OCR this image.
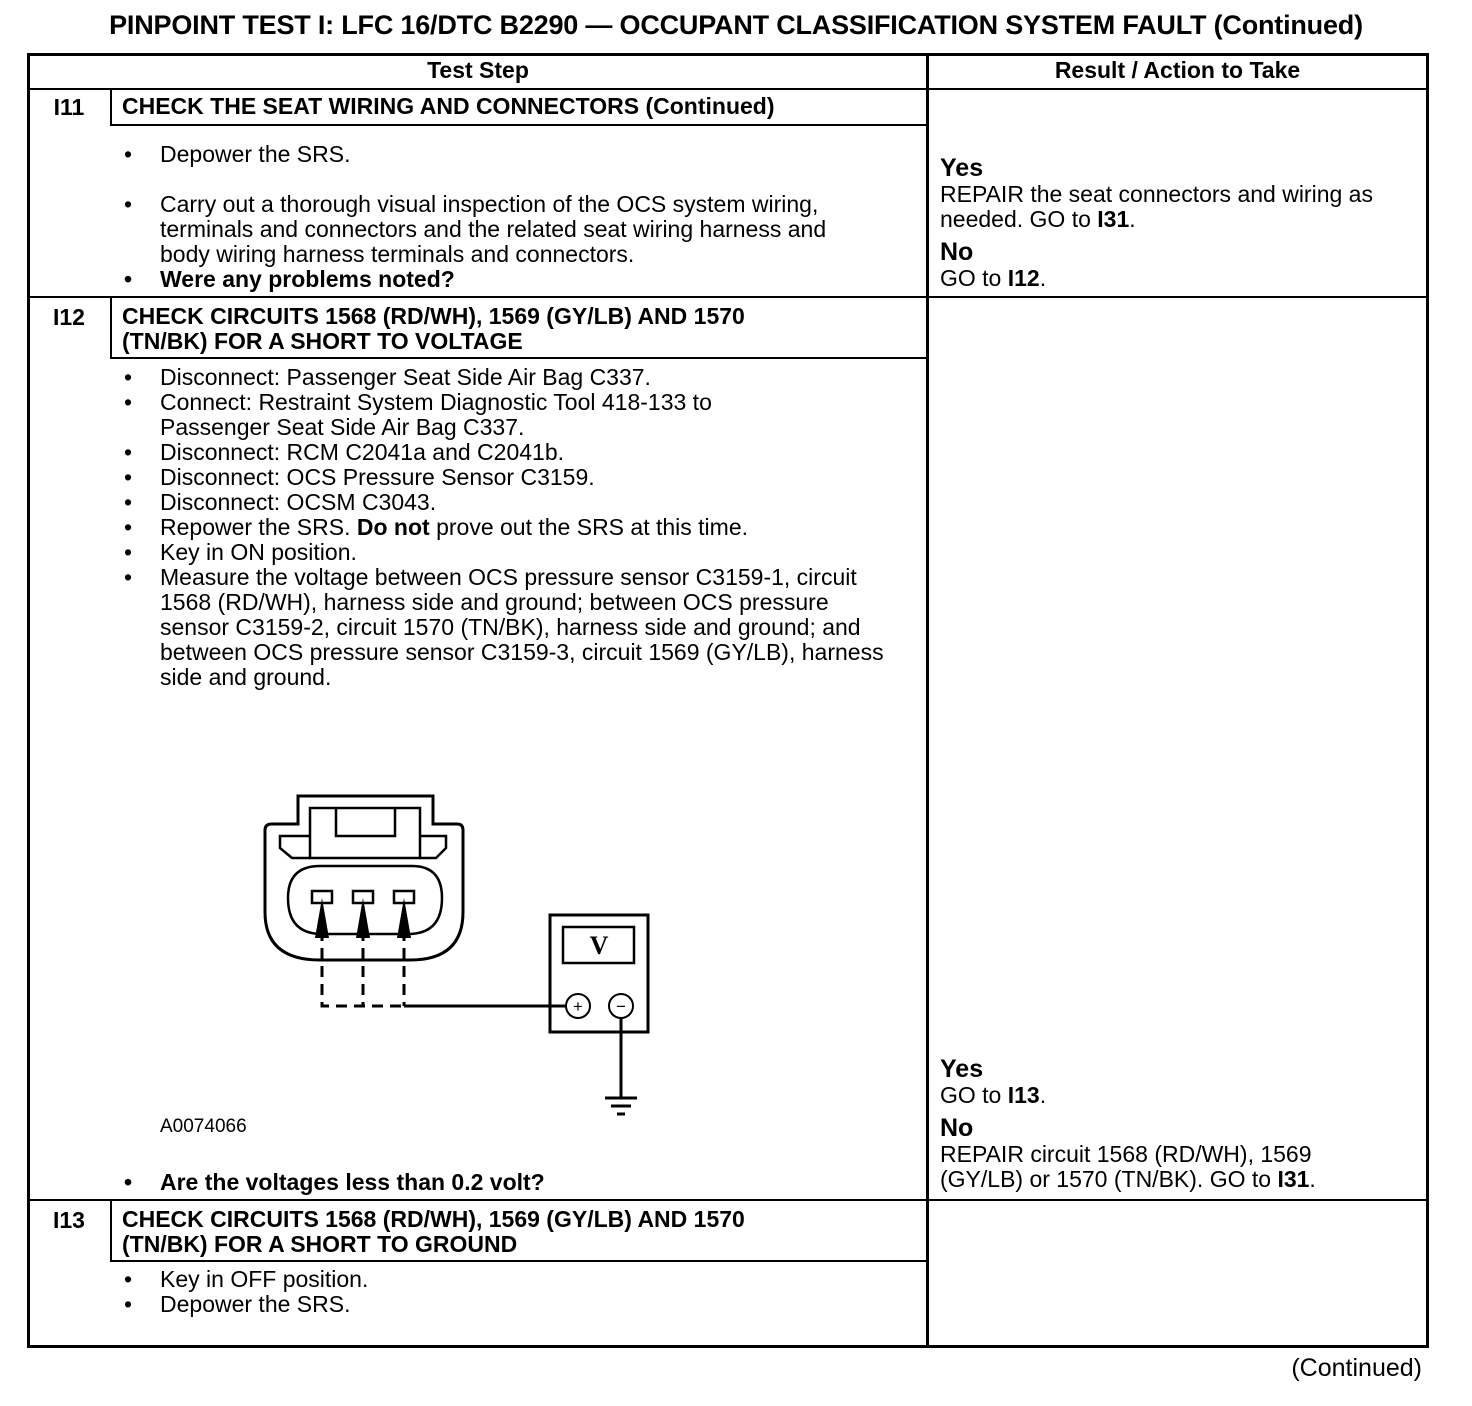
PINPOINT TEST I: LFC 16/DTC B2290 — OCCUPANT CLASSIFICATION SYSTEM FAULT (Continued)
Test Step	Result / Action to Take
I11	CHECK THE SEAT WIRING AND CONNECTORS (Continued)
• Depower the SRS.
• Carry out a thorough visual inspection of the OCS system wiring, terminals and connectors and the related seat wiring harness and body wiring harness terminals and connectors.
• Were any problems noted?
Yes
REPAIR the seat connectors and wiring as needed. GO to I31.
No
GO to I12.
I12	CHECK CIRCUITS 1568 (RD/WH), 1569 (GY/LB) AND 1570
(TN/BK) FOR A SHORT TO VOLTAGE
• Disconnect: Passenger Seat Side Air Bag C337.
• Connect: Restraint System Diagnostic Tool 418-133 to Passenger Seat Side Air Bag C337.
• Disconnect: RCM C2041a and C2041b.
• Disconnect: OCS Pressure Sensor C3159.
• Disconnect: OCSM C3043.
• Repower the SRS. Do not prove out the SRS at this time.
• Key in ON position.
• Measure the voltage between OCS pressure sensor C3159-1, circuit 1568 (RD/WH), harness side and ground; between OCS pressure sensor C3159-2, circuit 1570 (TN/BK), harness side and ground; and between OCS pressure sensor C3159-3, circuit 1569 (GY/LB), harness side and ground.
V
+ −
A0074066
• Are the voltages less than 0.2 volt?
Yes
GO to I13.
No
REPAIR circuit 1568 (RD/WH), 1569 (GY/LB) or 1570 (TN/BK). GO to I31.
I13	CHECK CIRCUITS 1568 (RD/WH), 1569 (GY/LB) AND 1570
(TN/BK) FOR A SHORT TO GROUND
• Key in OFF position.
• Depower the SRS.
(Continued)
